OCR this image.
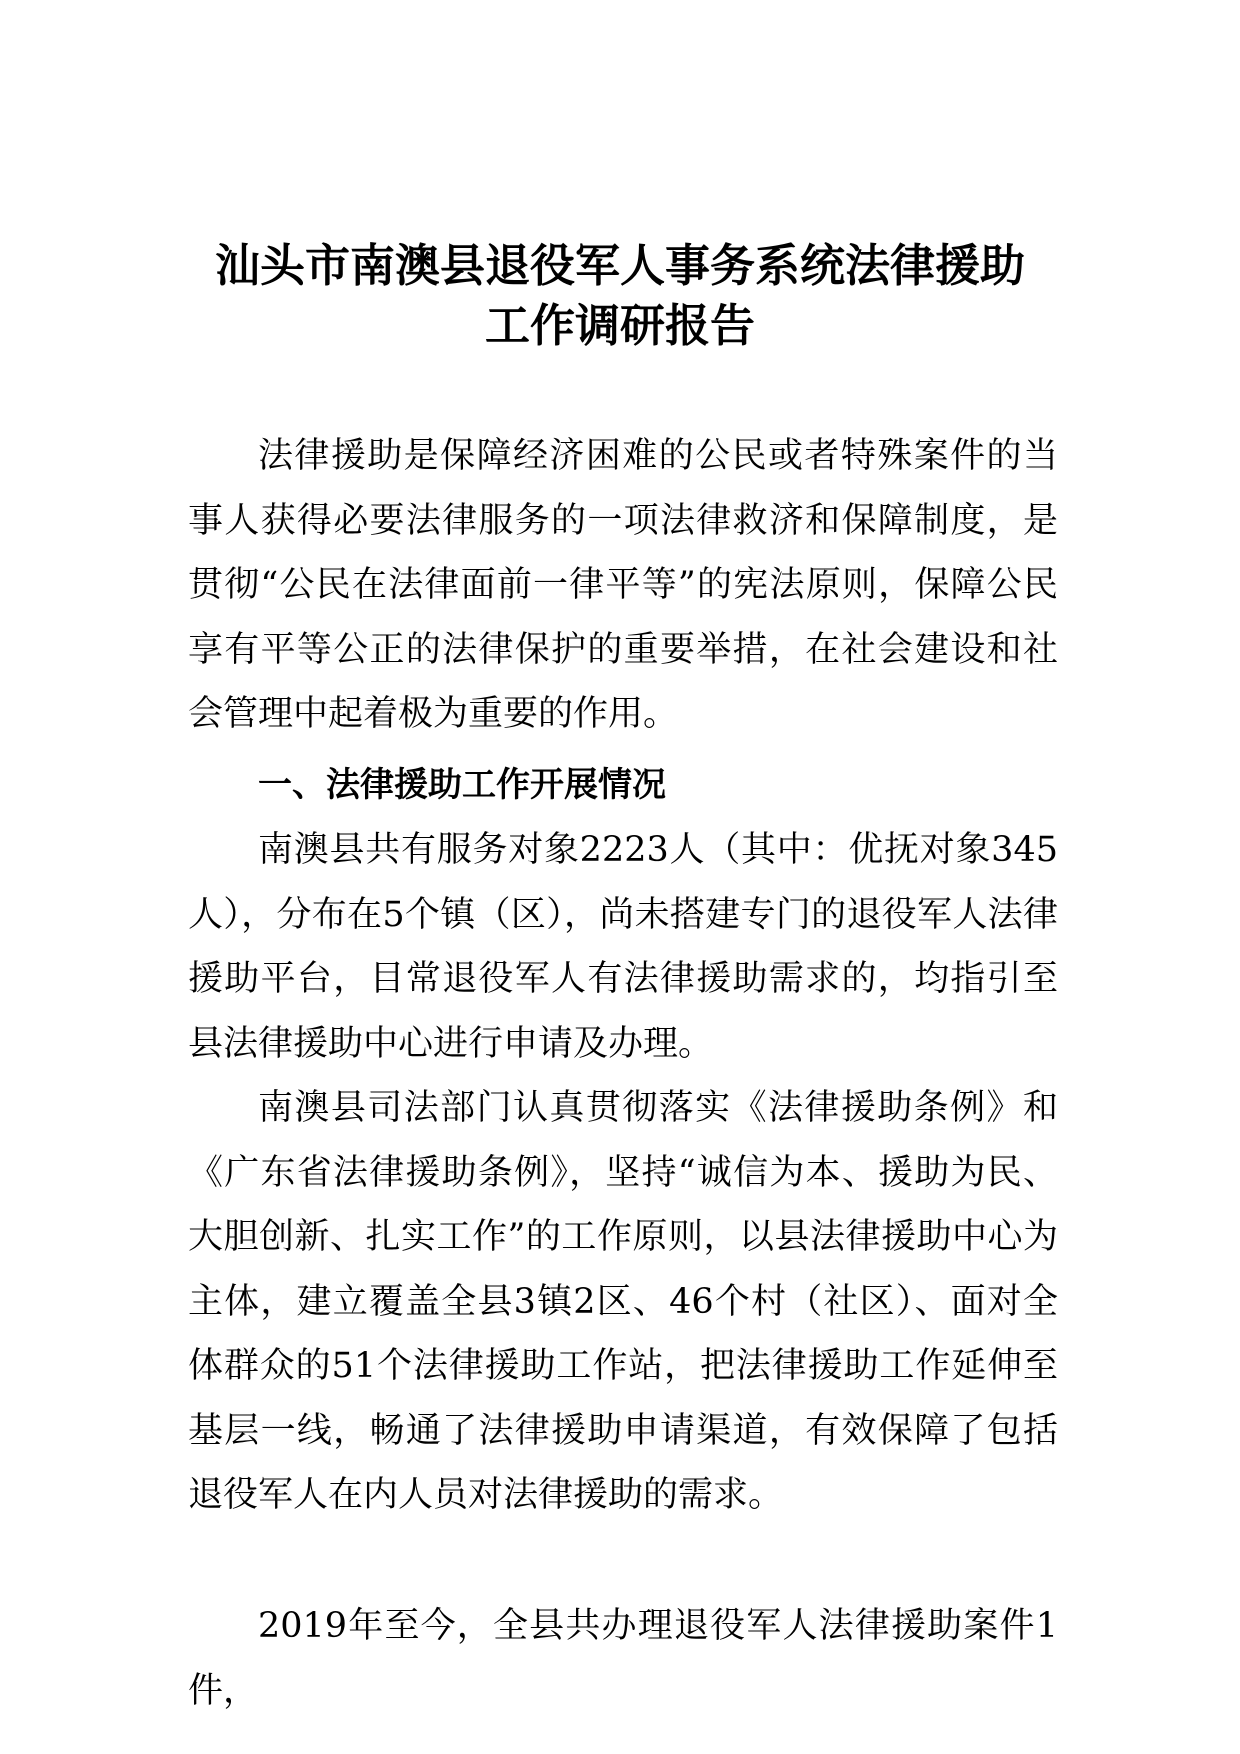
汕头市南澳县退役军人事务系统法律援助
工作调研报告

法律援助是保障经济困难的公民或者特殊案件的当事人获得必要法律服务的一项法律救济和保障制度，是贯彻“公民在法律面前一律平等”的宪法原则，保障公民享有平等公正的法律保护的重要举措，在社会建设和社会管理中起着极为重要的作用。

一、法律援助工作开展情况

南澳县共有服务对象2223人（其中：优抚对象345人），分布在5个镇（区），尚未搭建专门的退役军人法律援助平台，目常退役军人有法律援助需求的，均指引至县法律援助中心进行申请及办理。

南澳县司法部门认真贯彻落实《法律援助条例》和《广东省法律援助条例》，坚持“诚信为本、援助为民、大胆创新、扎实工作”的工作原则，以县法律援助中心为主体，建立覆盖全县3镇2区、46个村（社区）、面对全体群众的51个法律援助工作站，把法律援助工作延伸至基层一线，畅通了法律援助申请渠道，有效保障了包括退役军人在内人员对法律援助的需求。

2019年至今，全县共办理退役军人法律援助案件1件，
